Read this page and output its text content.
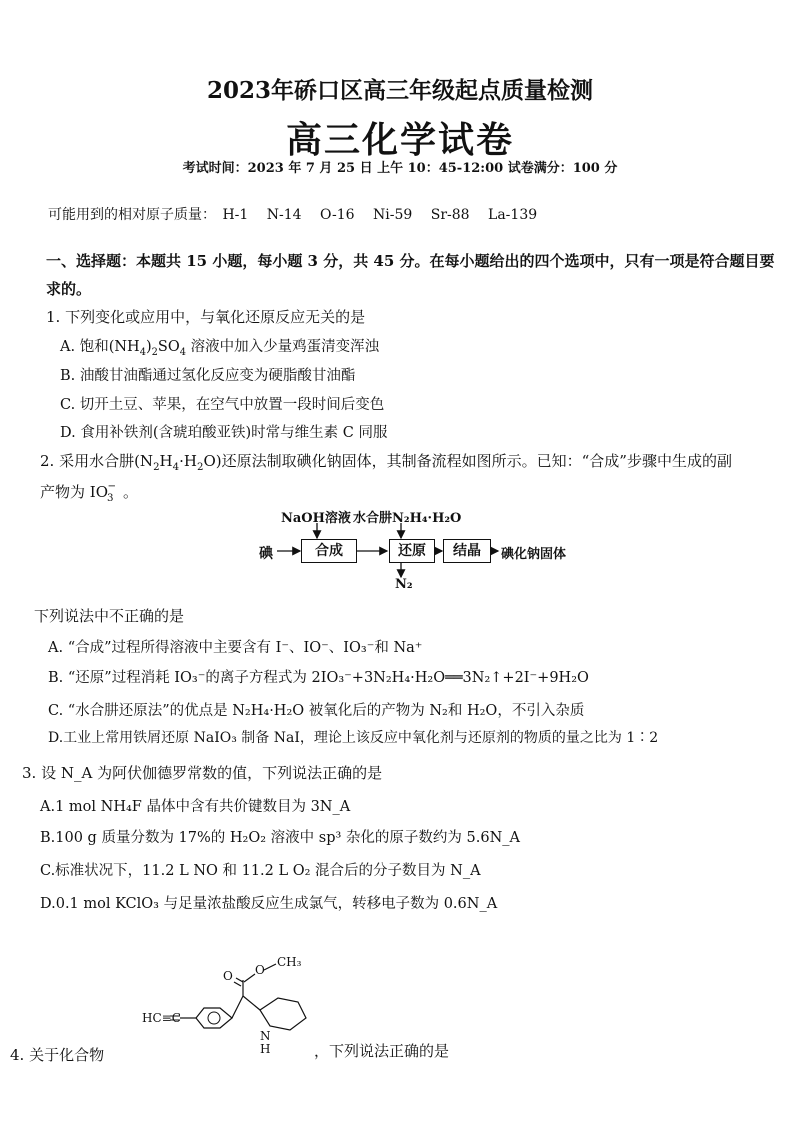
2023年硚口区高三年级起点质量检测
高三化学试卷
考试时间：2023 年 7 月 25 日 上午 10：45-12:00 试卷满分：100 分
可能用到的相对原子质量： H-1 N-14 O-16 Ni-59 Sr-88 La-139
一、选择题：本题共 15 小题，每小题 3 分，共 45 分。在每小题给出的四个选项中，只有一项是符合题目要求的。
1. 下列变化或应用中，与氧化还原反应无关的是
A. 饱和$(NH_4)_2SO_4$ 溶液中加入少量鸡蛋清变浑浊
B. 油酸甘油酯通过氢化反应变为硬脂酸甘油酯
C. 切开土豆、苹果，在空气中放置一段时间后变色
D. 食用补铁剂(含琥珀酸亚铁)时常与维生素 C 同服
2. 采用水合肼$(N_2H_4\cdot H_2O)$还原法制取碘化钠固体，其制备流程如图所示。已知：“合成”步骤中生成的副
产物为 $IO_3^-$ 。
NaOH溶液 水合肼N₂H₄·H₂O
碘	合成	还原	结晶	碘化钠固体
N₂
下列说法中不正确的是
A. “合成”过程所得溶液中主要含有 I⁻、IO⁻、IO₃⁻和 Na⁺
B. “还原”过程消耗 IO₃⁻的离子方程式为 2IO₃⁻+3N₂H₄·H₂O══3N₂↑+2I⁻+9H₂O
C. “水合肼还原法”的优点是 N₂H₄·H₂O 被氧化后的产物为 N₂和 H₂O，不引入杂质
D.工业上常用铁屑还原 NaIO₃ 制备 NaI，理论上该反应中氧化剂与还原剂的物质的量之比为 1∶2
3. 设 N_A 为阿伏伽德罗常数的值，下列说法正确的是
A.1 mol NH₄F 晶体中含有共价键数目为 3N_A
B.100 g 质量分数为 17%的 H₂O₂ 溶液中 sp³ 杂化的原子数约为 5.6N_A
C.标准状况下，11.2 L NO 和 11.2 L O₂ 混合后的分子数目为 N_A
D.0.1 mol KClO₃ 与足量浓盐酸反应生成氯气，转移电子数为 0.6N_A
O O
CH₃
HC≡C
N
H
4. 关于化合物	，下列说法正确的是
